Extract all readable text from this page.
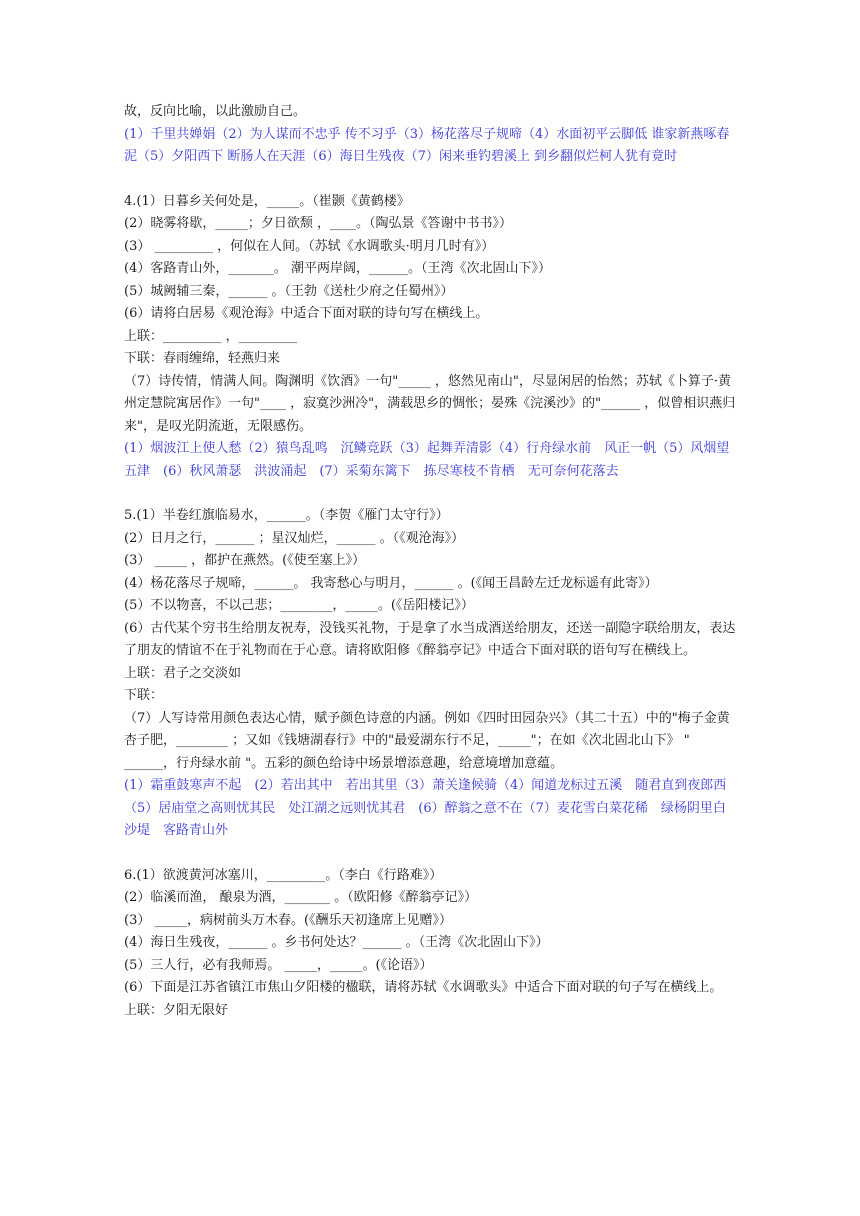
故，反向比喻，以此激励自己。
(1）千里共婵娟（2）为人谋而不忠乎 传不习乎（3）杨花落尽子规啼（4）水面初平云脚低 谁家新燕啄春泥（5）夕阳西下 断肠人在天涯（6）海日生残夜（7）闲来垂钓碧溪上 到乡翻似烂柯人犹有竟时
4.(1）日暮乡关何处是，_____。（崔颢《黄鹤楼》
(2）晓雾将歇，_____；夕日欲颓 ，____。（陶弘景《答谢中书书》）
(3） _________ ，何似在人间。（苏轼《水调歌头·明月几时有》）
(4）客路青山外，_______。 潮平两岸阔，______。（王湾《次北固山下》）
(5）城阙辅三秦，______ 。（王勃《送杜少府之任蜀州》）
(6）请将白居易《观沧海》中适合下面对联的诗句写在横线上。
上联：_________ ，_________
下联：春雨缠绵，轻燕归来
（7）诗传情，情满人间。陶渊明《饮酒》一句"_____ ，悠然见南山"，尽显闲居的怡然；苏轼《卜算子·黄州定慧院寓居作》一句"____ ，寂寞沙洲冷"，满载思乡的惆怅；晏殊《浣溪沙》的"______ ，似曾相识燕归来"，是叹光阴流逝，无限感伤。
(1）烟波江上使人愁（2）猿鸟乱鸣　沉鳞竞跃（3）起舞弄清影（4）行舟绿水前　风正一帆（5）风烟望五津　(6）秋风萧瑟　洪波涌起　(7）采菊东篱下　拣尽寒枝不肯栖　无可奈何花落去
5.(1）半卷红旗临易水，______。（李贺《雁门太守行》）
(2）日月之行，______ ；星汉灿烂，______ 。（《观沧海》）
(3） _____ ，都护在燕然。(《使至塞上》）
(4）杨花落尽子规啼，______。 我寄愁心与明月，______ 。(《闻王昌龄左迁龙标遥有此寄》）
(5）不以物喜，不以己悲；________，_____。(《岳阳楼记》）
(6）古代某个穷书生给朋友祝寿，没钱买礼物，于是拿了水当成酒送给朋友，还送一副隐字联给朋友，表达了朋友的情谊不在于礼物而在于心意。请将欧阳修《醉翁亭记》中适合下面对联的语句写在横线上。
上联：君子之交淡如
下联：
（7）人写诗常用颜色表达心情，赋予颜色诗意的内涵。例如《四时田园杂兴》（其二十五）中的"梅子金黄杏子肥，________ ；又如《钱塘湖春行》中的"最爱湖东行不足，_____"；在如《次北固北山下》 " ______，行舟绿水前 "。五彩的颜色给诗中场景增添意趣，给意境增加意蕴。
(1）霜重鼓寒声不起　(2）若出其中　若出其里（3）萧关逢候骑（4）闻道龙标过五溪　随君直到夜郎西（5）居庙堂之高则忧其民　处江湖之远则忧其君　(6）醉翁之意不在（7）麦花雪白菜花稀　绿杨阴里白沙堤　客路青山外
6.(1）欲渡黄河冰塞川，_________。（李白《行路难》）
(2）临溪而渔， 酿泉为酒，_______ 。（欧阳修《醉翁亭记》）
(3） _____，病树前头万木春。(《酬乐天初逢席上见赠》）
(4）海日生残夜，______ 。乡书何处达？______ 。（王湾《次北固山下》）
(5）三人行，必有我师焉。 _____，_____。(《论语》）
(6）下面是江苏省镇江市焦山夕阳楼的楹联，请将苏轼《水调歌头》中适合下面对联的句子写在横线上。
上联：夕阳无限好
